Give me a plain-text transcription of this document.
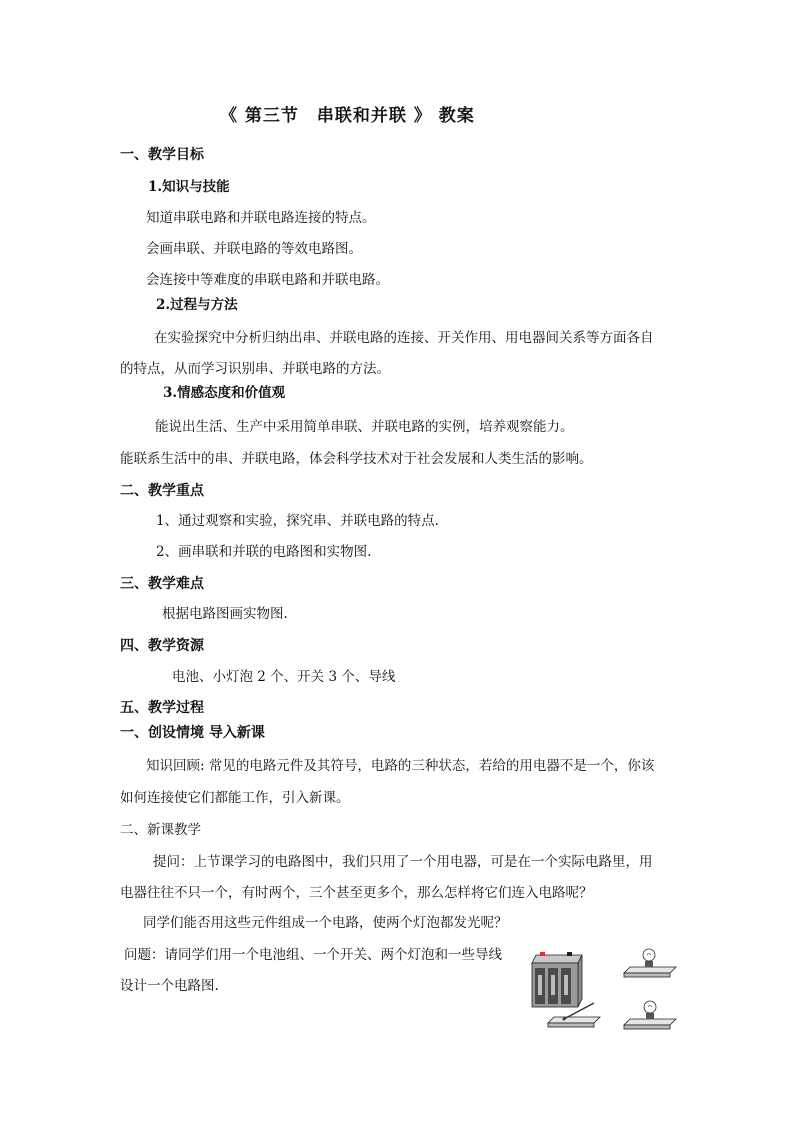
《 第三节　串联和并联 》 教案
一、教学目标
1.知识与技能
知道串联电路和并联电路连接的特点。
会画串联、并联电路的等效电路图。
会连接中等难度的串联电路和并联电路。
2.过程与方法
在实验探究中分析归纳出串、并联电路的连接、开关作用、用电器间关系等方面各自
的特点，从而学习识别串、并联电路的方法。
3.情感态度和价值观
能说出生活、生产中采用简单串联、并联电路的实例，培养观察能力。
能联系生活中的串、并联电路，体会科学技术对于社会发展和人类生活的影响。
二、教学重点
1、通过观察和实验，探究串、并联电路的特点.
2、画串联和并联的电路图和实物图.
三、教学难点
根据电路图画实物图.
四、教学资源
电池、小灯泡 2 个、开关 3 个、导线
五、教学过程
一、创设情境 导入新课
知识回顾: 常见的电路元件及其符号，电路的三种状态，若给的用电器不是一个，你该
如何连接使它们都能工作，引入新课。
二、新课教学
提问：上节课学习的电路图中，我们只用了一个用电器，可是在一个实际电路里，用
电器往往不只一个，有时两个，三个甚至更多个，那么怎样将它们连入电路呢？
同学们能否用这些元件组成一个电路，使两个灯泡都发光呢？
问题：请同学们用一个电池组、一个开关、两个灯泡和一些导线
设计一个电路图.
